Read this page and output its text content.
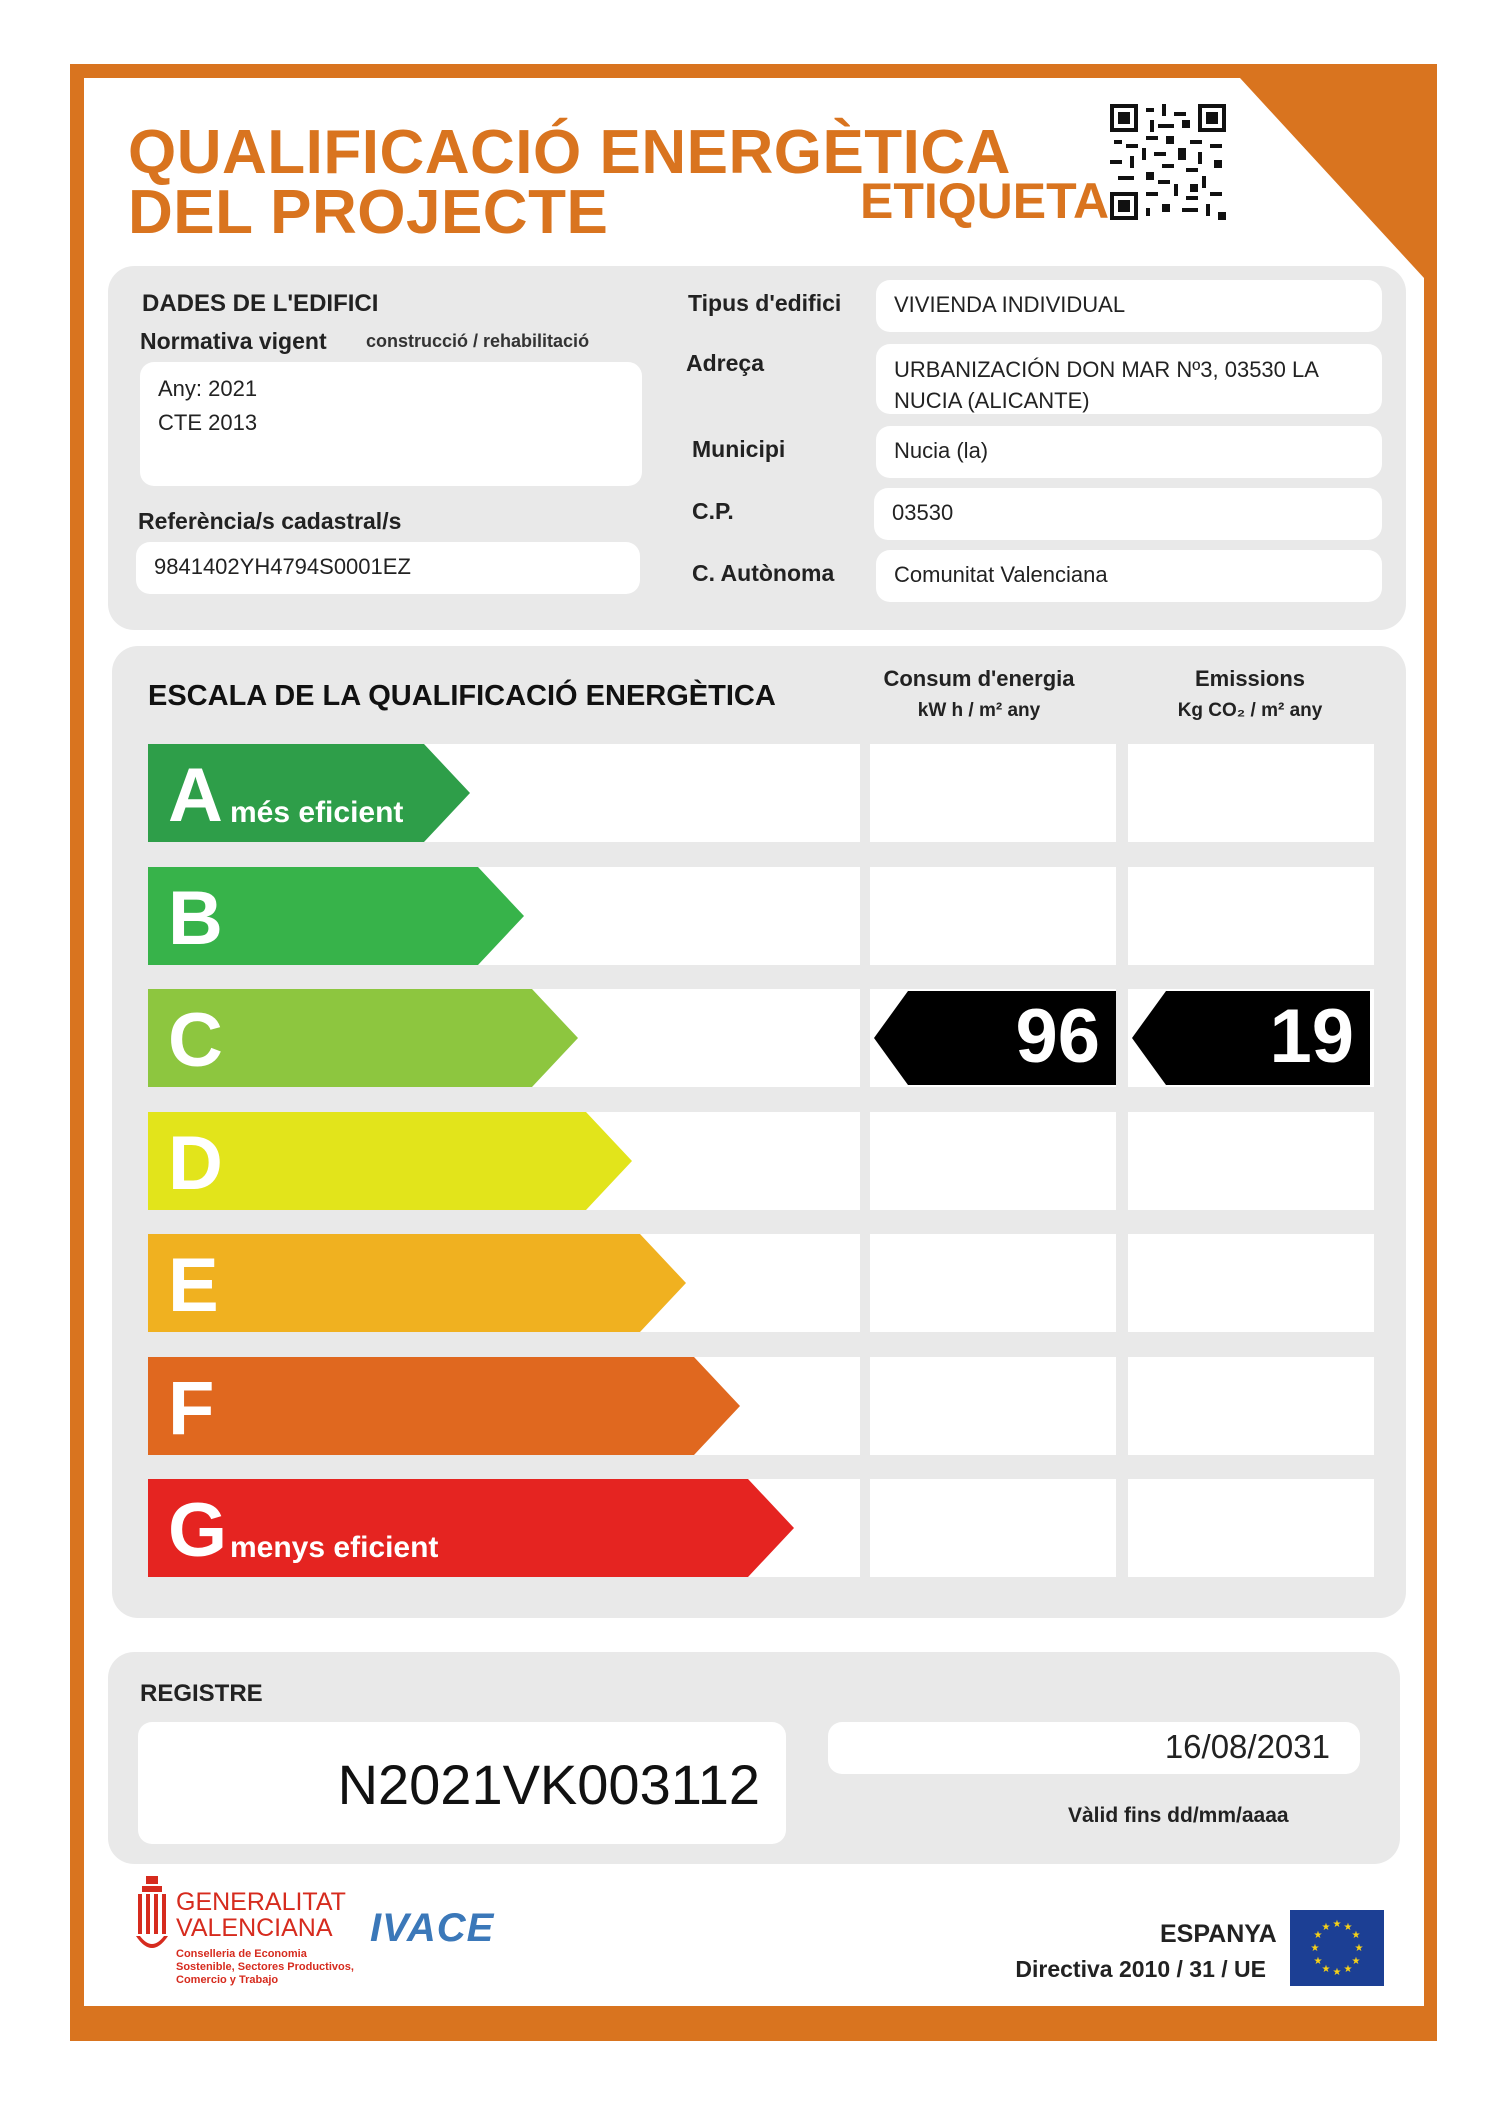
QUALIFICACIÓ ENERGÈTICA
DEL PROJECTE	ETIQUETA
DADES DE L'EDIFICI
Normativa vigent construcció / rehabilitació
Any: 2021
CTE 2013
Referència/s cadastral/s
9841402YH4794S0001EZ
Tipus d'edifici	VIVIENDA INDIVIDUAL
Adreça	URBANIZACIÓN DON MAR Nº3, 03530 LA NUCIA (ALICANTE)
Municipi	Nucia (la)
C.P.	03530
C. Autònoma	Comunitat Valenciana
ESCALA DE LA QUALIFICACIÓ ENERGÈTICA
Consum d'energia
kW h / m² any
Emissions
Kg CO₂ / m² any
A més eficient
B
C	96	19
D
E
F
G menys eficient
REGISTRE
N2021VK003112
16/08/2031
Vàlid fins dd/mm/aaaa
GENERALITAT
VALENCIANA
Conselleria de Economia
Sostenible, Sectores Productivos,
Comercio y Trabajo
IVACE	ESPANYA
Directiva 2010 / 31 / UE
★ ★
★
★
★
★
★
★
★
★
★
★
